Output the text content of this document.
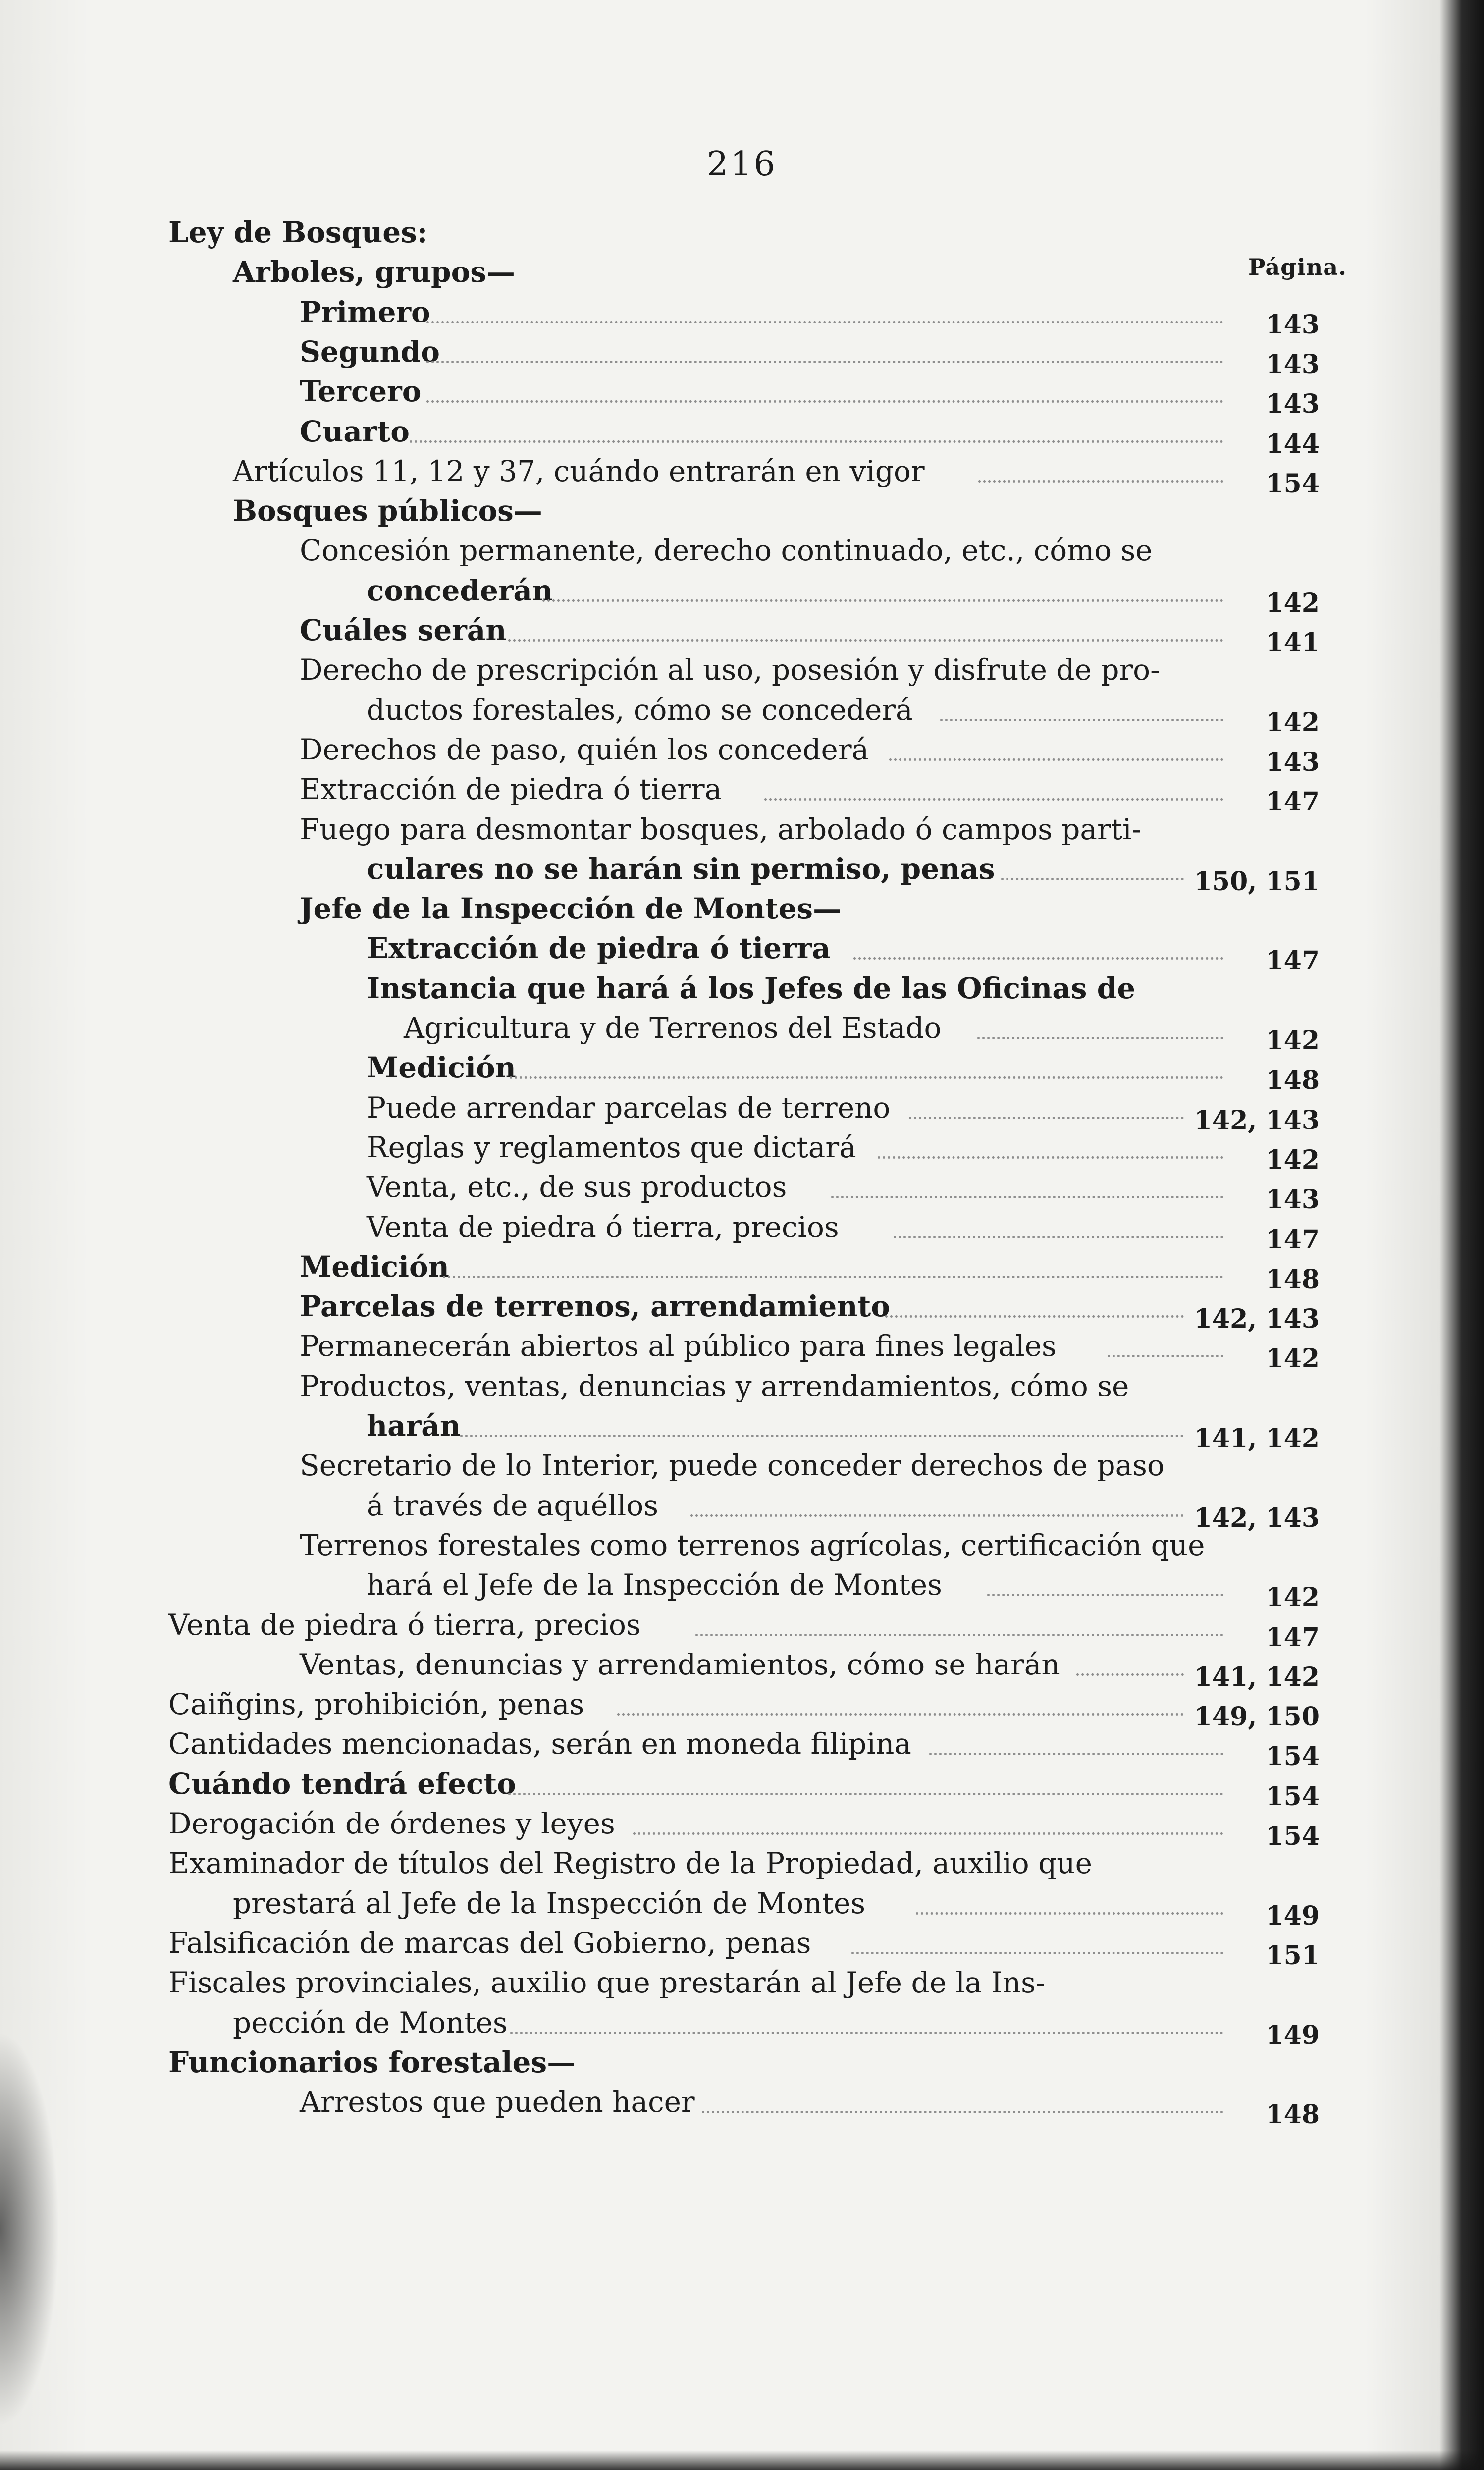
216
Página.
Ley de Bosques:
Arboles, grupos—
Primero	143
Segundo	143
Tercero	143
Cuarto	144
Artículos 11, 12 y 37, cuándo entrarán en vigor	154
Bosques públicos—
Concesión permanente, derecho continuado, etc., cómo se
concederán	142
Cuáles serán	141
Derecho de prescripción al uso, posesión y disfrute de pro-
ductos forestales, cómo se concederá	142
Derechos de paso, quién los concederá	143
Extracción de piedra ó tierra	147
Fuego para desmontar bosques, arbolado ó campos parti-
culares no se harán sin permiso, penas	150, 151
Jefe de la Inspección de Montes—
Extracción de piedra ó tierra	147
Instancia que hará á los Jefes de las Oficinas de
Agricultura y de Terrenos del Estado	142
Medición	148
Puede arrendar parcelas de terreno	142, 143
Reglas y reglamentos que dictará	142
Venta, etc., de sus productos	143
Venta de piedra ó tierra, precios	147
Medición	148
Parcelas de terrenos, arrendamiento	142, 143
Permanecerán abiertos al público para fines legales	142
Productos, ventas, denuncias y arrendamientos, cómo se
harán	141, 142
Secretario de lo Interior, puede conceder derechos de paso
á través de aquéllos	142, 143
Terrenos forestales como terrenos agrícolas, certificación que
hará el Jefe de la Inspección de Montes	142
Venta de piedra ó tierra, precios	147
Ventas, denuncias y arrendamientos, cómo se harán	141, 142
Caiñgins, prohibición, penas	149, 150
Cantidades mencionadas, serán en moneda filipina	154
Cuándo tendrá efecto	154
Derogación de órdenes y leyes	154
Examinador de títulos del Registro de la Propiedad, auxilio que
prestará al Jefe de la Inspección de Montes	149
Falsificación de marcas del Gobierno, penas	151
Fiscales provinciales, auxilio que prestarán al Jefe de la Ins-
pección de Montes	149
Funcionarios forestales—
Arrestos que pueden hacer	148
